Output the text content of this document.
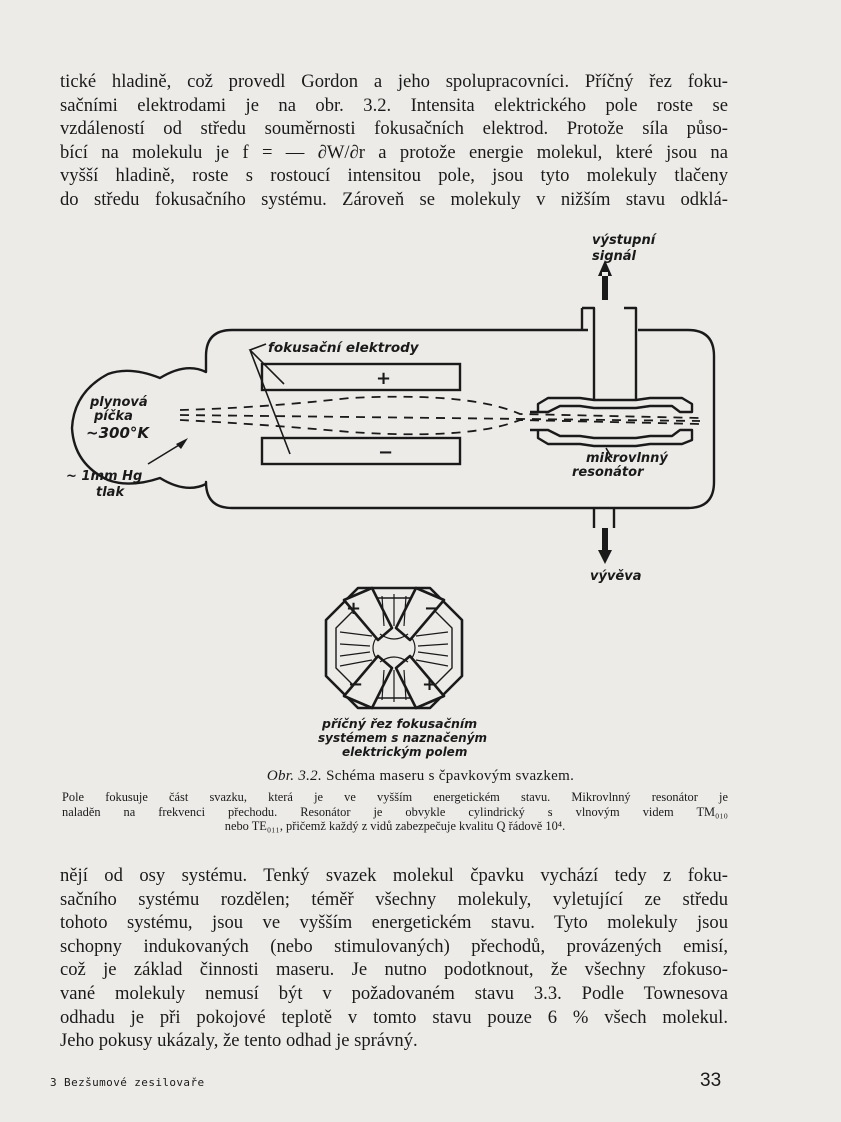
tické hladině, což provedl Gordon a jeho spolupracovníci. Příčný řez foku-
sačními elektrodami je na obr. 3.2. Intensita elektrického pole roste se
vzdáleností od středu souměrnosti fokusačních elektrod. Protože síla půso-
bící na molekulu je f = — ∂W/∂r a protože energie molekul, které jsou na
vyšší hladině, roste s rostoucí intensitou pole, jsou tyto molekuly tlačeny
do středu fokusačního systému. Zároveň se molekuly v nižším stavu odklá-
výstupní
signál
fokusační elektrody
+
−
plynová
píčka
~300°K
~ 1mm Hg
tlak
mikrovlnný
resonátor
vývěva
+	−
−	+
příčný řez fokusačním
systémem s naznačeným
elektrickým polem
Obr. 3.2. Schéma maseru s čpavkovým svazkem.
Pole fokusuje část svazku, která je ve vyšším energetickém stavu. Mikrovlnný resonátor je
naladěn na frekvenci přechodu. Resonátor je obvykle cylindrický s vlnovým videm TM₀₁₀
nebo TE₀₁₁, přičemž každý z vidů zabezpečuje kvalitu Q řádově 10⁴.
nějí od osy systému. Tenký svazek molekul čpavku vychází tedy z foku-
sačního systému rozdělen; téměř všechny molekuly, vyletující ze středu
tohoto systému, jsou ve vyšším energetickém stavu. Tyto molekuly jsou
schopny indukovaných (nebo stimulovaných) přechodů, provázených emisí,
což je základ činnosti maseru. Je nutno podotknout, že všechny zfokuso-
vané molekuly nemusí být v požadovaném stavu 3.3. Podle Townesova
odhadu je při pokojové teplotě v tomto stavu pouze 6 % všech molekul.
Jeho pokusy ukázaly, že tento odhad je správný.
3 Bezšumové zesilovaře	33
